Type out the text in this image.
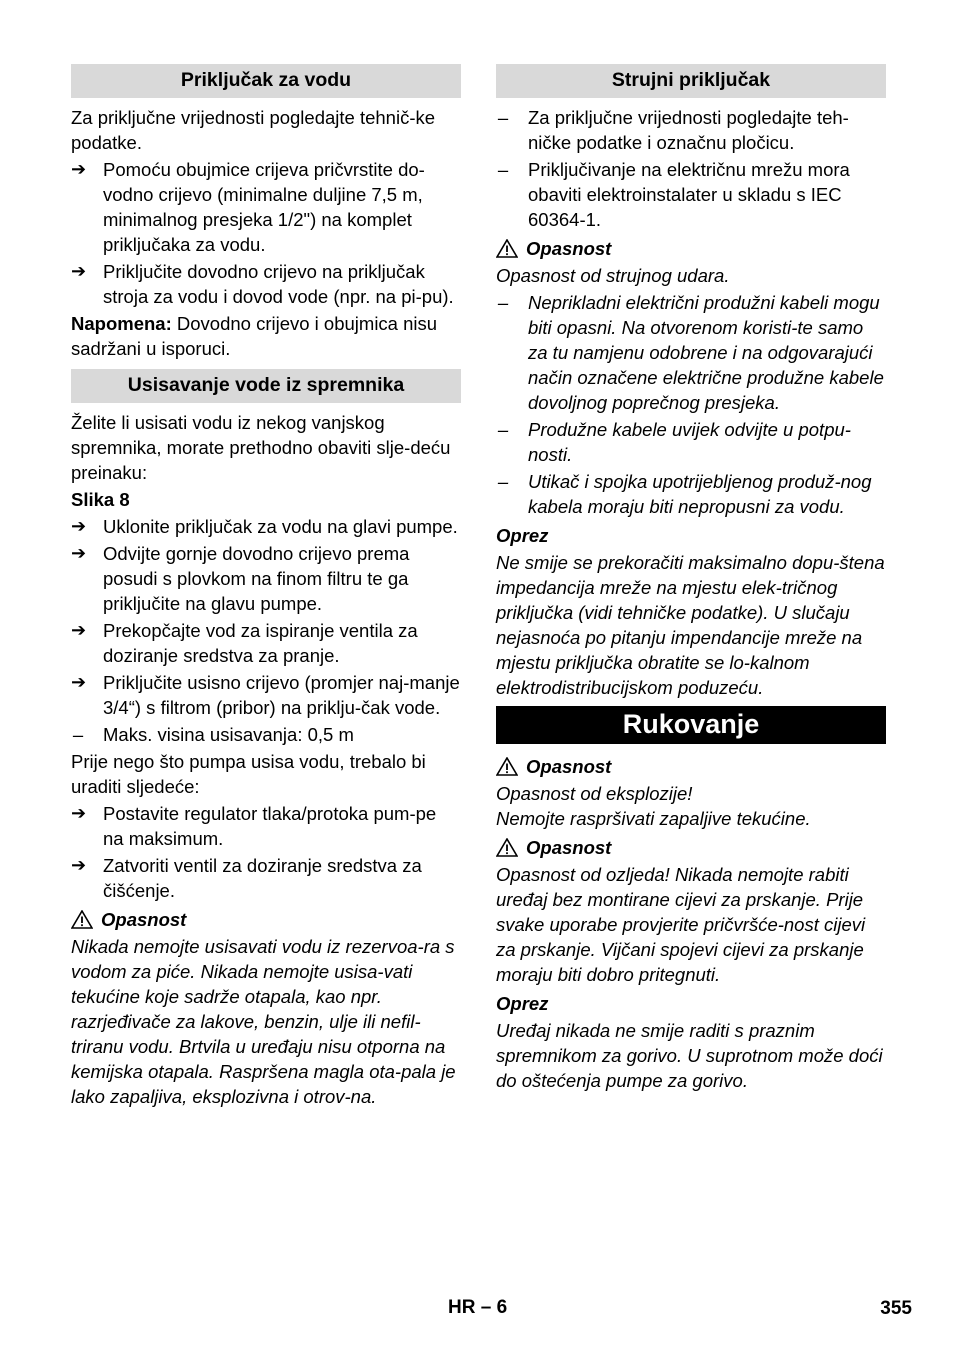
Priključak za vodu

Za priključne vrijednosti pogledajte tehnič-ke podatke.

➔ Pomoću obujmice crijeva pričvrstite do-vodno crijevo (minimalne duljine 7,5 m, minimalnog presjeka 1/2") na komplet priključaka za vodu.
➔ Priključite dovodno crijevo na priključak stroja za vodu i dovod vode (npr. na pi-pu).

Napomena: Dovodno crijevo i obujmica nisu sadržani u isporuci.

Usisavanje vode iz spremnika

Želite li usisati vodu iz nekog vanjskog spremnika, morate prethodno obaviti slje-deću preinaku:

Slika 8

➔ Uklonite priključak za vodu na glavi pumpe.
➔ Odvijte gornje dovodno crijevo prema posudi s plovkom na finom filtru te ga priključite na glavu pumpe.
➔ Prekopčajte vod za ispiranje ventila za doziranje sredstva za pranje.
➔ Priključite usisno crijevo (promjer naj-manje 3/4“) s filtrom (pribor) na priklju-čak vode.
– Maks. visina usisavanja: 0,5 m

Prije nego što pumpa usisa vodu, trebalo bi uraditi sljedeće:

➔ Postavite regulator tlaka/protoka pum-pe na maksimum.
➔ Zatvoriti ventil za doziranje sredstva za čišćenje.
Opasnost

Nikada nemojte usisavati vodu iz rezervoa-ra s vodom za piće. Nikada nemojte usisa-vati tekućine koje sadrže otapala, kao npr. razrjeđivače za lakove, benzin, ulje ili nefil-triranu vodu. Brtvila u uređaju nisu otporna na kemijska otapala. Raspršena magla ota-pala je lako zapaljiva, eksplozivna i otrov-na.

Strujni priključak
– Za priključne vrijednosti pogledajte teh-ničke podatke i označnu pločicu.
– Priključivanje na električnu mrežu mora obaviti elektroinstalater u skladu s IEC 60364-1.
Opasnost

Opasnost od strujnog udara.

– Neprikladni električni produžni kabeli mogu biti opasni. Na otvorenom koristi-te samo za tu namjenu odobrene i na odgovarajući način označene električne produžne kabele dovoljnog poprečnog presjeka.
– Produžne kabele uvijek odvijte u potpu-nosti.
– Utikač i spojka upotrijebljenog produž-nog kabela moraju biti nepropusni za vodu.
Oprez

Ne smije se prekoračiti maksimalno dopu-štena impedancija mreže na mjestu elek-tričnog priključka (vidi tehničke podatke). U slučaju nejasnoća po pitanju impendancije mreže na mjestu priključka obratite se lo-kalnom elektrodistribucijskom poduzeću.

Rukovanje
Opasnost

Opasnost od eksplozije!

Nemojte raspršivati zapaljive tekućine.

Opasnost

Opasnost od ozljeda! Nikada nemojte rabiti uređaj bez montirane cijevi za prskanje. Prije svake uporabe provjerite pričvršće-nost cijevi za prskanje. Vijčani spojevi cijevi za prskanje moraju biti dobro pritegnuti.

Oprez

Uređaj nikada ne smije raditi s praznim spremnikom za gorivo. U suprotnom može doći do oštećenja pumpe za gorivo.

HR – 6	355
